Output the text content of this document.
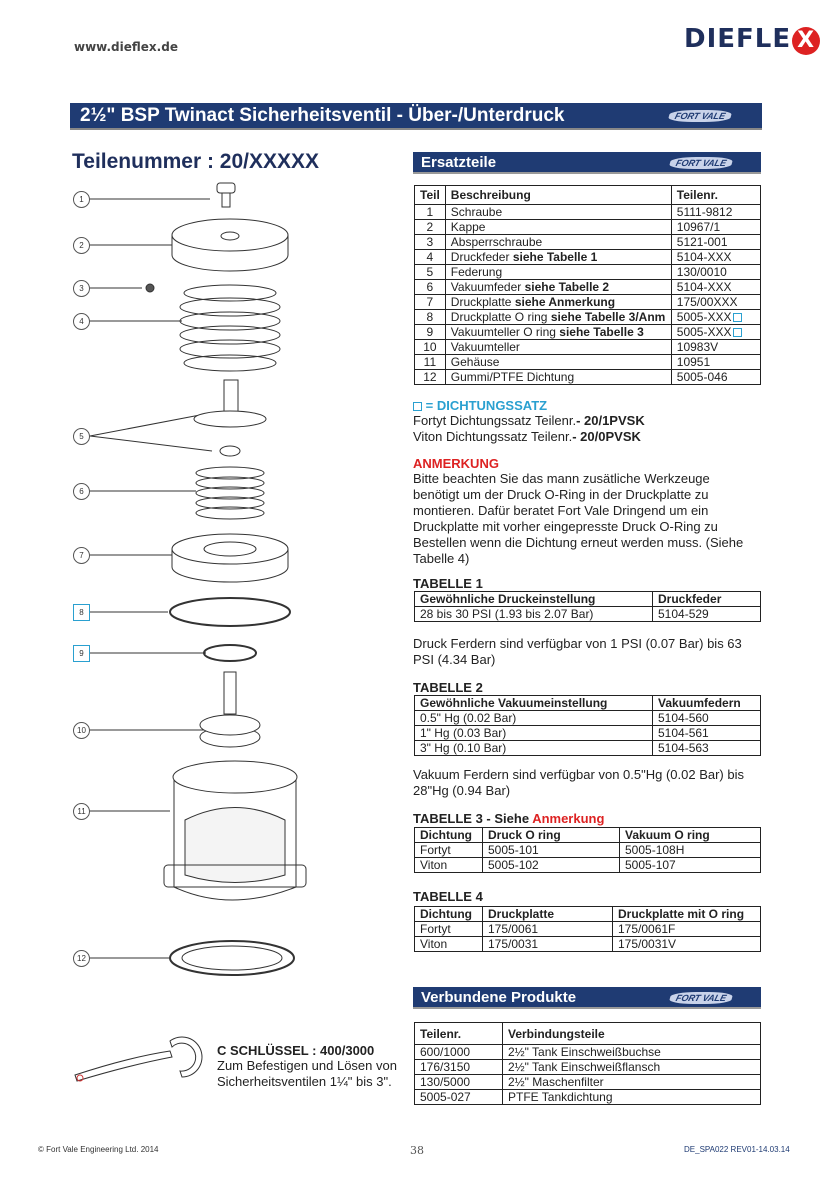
www.dieflex.de	DIEFLE X
2½" BSP Twinact Sicherheitsventil - Über-/Unterdruck	FORT VALE
Teilenummer : 20/XXXXX
1
2
3
4
5
6
7
8
9
10
11
12
Ersatzteile	FORT VALE
Teil	Beschreibung	Teilenr.
1	Schraube	5111-9812
2	Kappe	10967/1
3	Absperrschraube	5121-001
4	Druckfeder siehe Tabelle 1	5104-XXX
5	Federung	130/0010
6	Vakuumfeder siehe Tabelle 2	5104-XXX
7	Druckplatte siehe Anmerkung	175/00XXX
8	Druckplatte O ring siehe Tabelle 3/Anm	5005-XXX
9	Vakuumteller O ring siehe Tabelle 3	5005-XXX
10	Vakuumteller	10983V
11	Gehäuse	10951
12	Gummi/PTFE Dichtung	5005-046
= DICHTUNGSSATZ
Fortyt Dichtungssatz Teilenr.- 20/1PVSK
Viton Dichtungssatz Teilenr.- 20/0PVSK
ANMERKUNG
Bitte beachten Sie das mann zusätliche Werkzeuge benötigt um der Druck O-Ring in der Druckplatte zu montieren. Dafür beratet Fort Vale Dringend um ein Druckplatte mit vorher eingepresste Druck O-Ring zu Bestellen wenn die Dichtung erneut werden muss. (Siehe Tabelle 4)
TABELLE 1
Gewöhnliche Druckeinstellung	Druckfeder
28 bis 30 PSI (1.93 bis 2.07 Bar)	5104-529
Druck Ferdern sind verfügbar von 1 PSI (0.07 Bar) bis 63 PSI (4.34 Bar)
TABELLE 2
Gewöhnliche Vakuumeinstellung	Vakuumfedern
0.5" Hg (0.02 Bar)	5104-560
1" Hg (0.03 Bar)	5104-561
3" Hg (0.10 Bar)	5104-563
Vakuum Ferdern sind verfügbar von 0.5"Hg (0.02 Bar) bis 28"Hg (0.94 Bar)
TABELLE 3 - Siehe Anmerkung
Dichtung	Druck O ring	Vakuum O ring
Fortyt	5005-101	5005-108H
Viton	5005-102	5005-107
TABELLE 4
Dichtung	Druckplatte	Druckplatte mit O ring
Fortyt	175/0061	175/0061F
Viton	175/0031	175/0031V
Verbundene Produkte	FORT VALE
Teilenr.	Verbindungsteile
600/1000	2½" Tank Einschweißbuchse
176/3150	2½" Tank Einschweißflansch
130/5000	2½" Maschenfilter
5005-027	PTFE Tankdichtung
C SCHLÜSSEL : 400/3000
Zum Befestigen und Lösen von Sicherheitsventilen 1¼" bis 3".
© Fort Vale Engineering Ltd. 2014	38	DE_SPA022 REV01-14.03.14
